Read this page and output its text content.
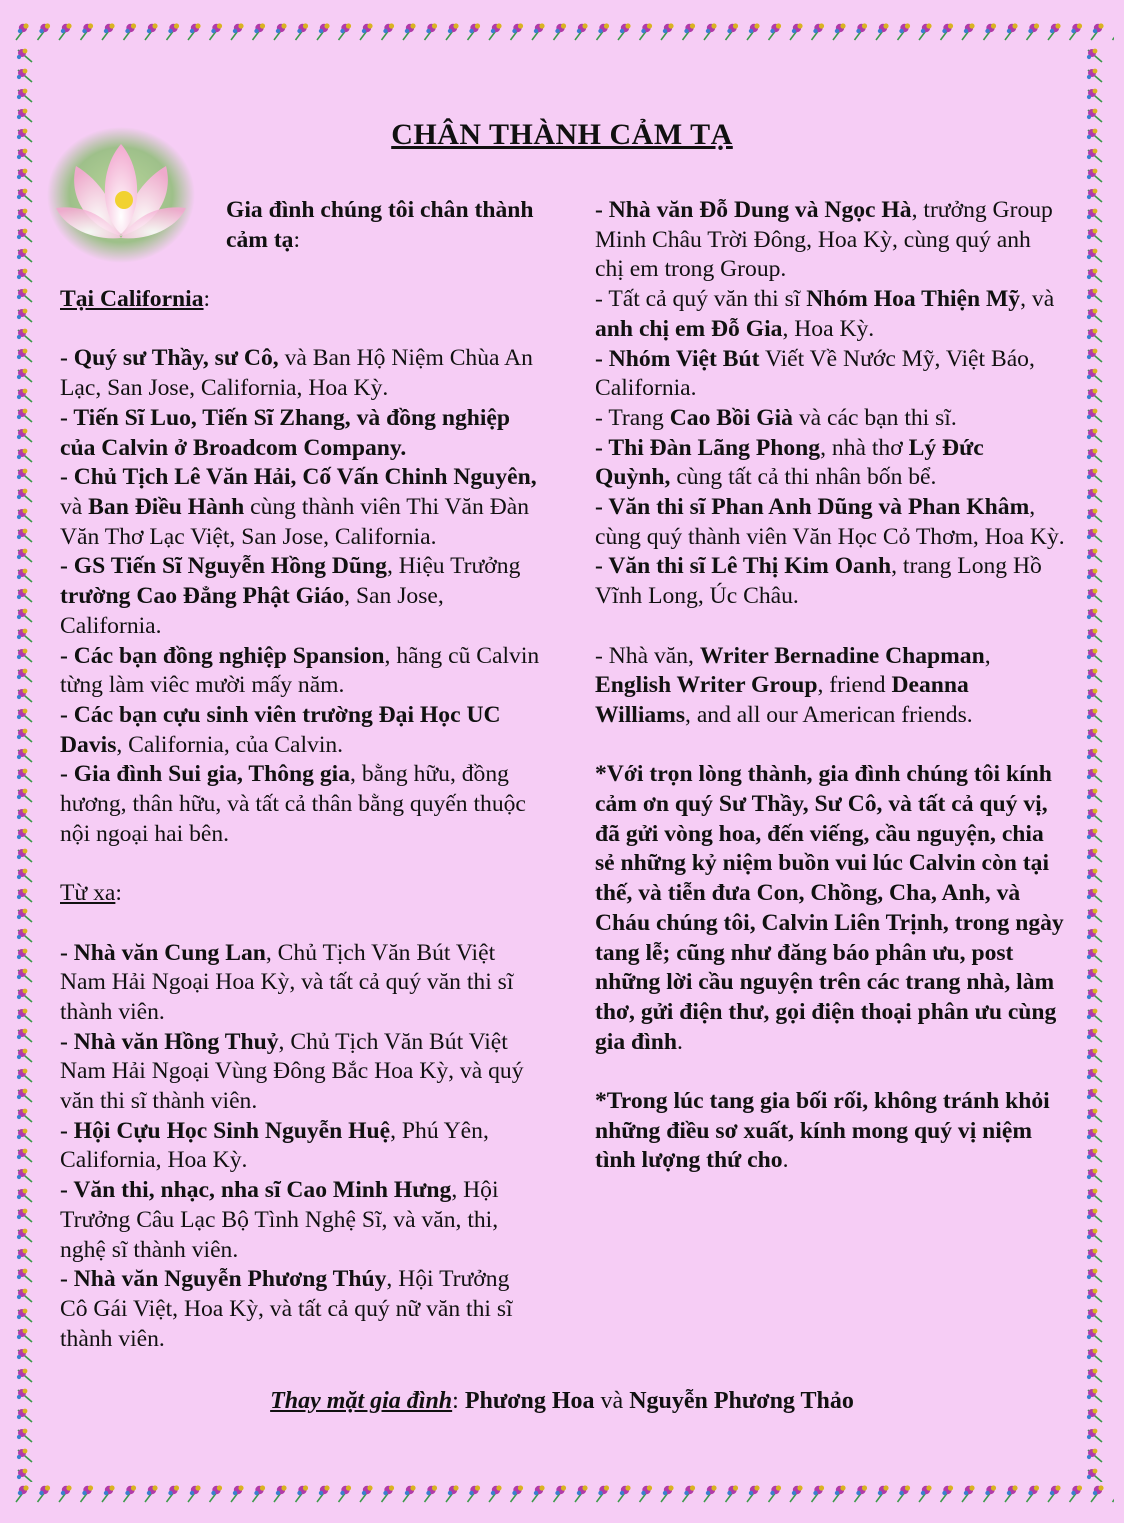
CHÂN THÀNH CẢM TẠ
Gia đình chúng tôi chân thành cảm tạ:

Tại California:

- Quý sư Thầy, sư Cô, và Ban Hộ Niệm Chùa An Lạc, San Jose, California, Hoa Kỳ.

- Tiến Sĩ Luo, Tiến Sĩ Zhang, và đồng nghiệp của Calvin ở Broadcom Company.

- Chủ Tịch Lê Văn Hải, Cố Vấn Chinh Nguyên, và Ban Điều Hành cùng thành viên Thi Văn Đàn Văn Thơ Lạc Việt, San Jose, California.

- GS Tiến Sĩ Nguyễn Hồng Dũng, Hiệu Trưởng trường Cao Đẳng Phật Giáo, San Jose, California.

- Các bạn đồng nghiệp Spansion, hãng cũ Calvin từng làm viêc mười mấy năm.

- Các bạn cựu sinh viên trường Đại Học UC Davis, California, của Calvin.

- Gia đình Sui gia, Thông gia, bằng hữu, đồng hương, thân hữu, và tất cả thân bằng quyến thuộc nội ngoại hai bên.

Từ xa:

- Nhà văn Cung Lan, Chủ Tịch Văn Bút Việt Nam Hải Ngoại Hoa Kỳ, và tất cả quý văn thi sĩ thành viên.

- Nhà văn Hồng Thuỷ, Chủ Tịch Văn Bút Việt Nam Hải Ngoại Vùng Đông Bắc Hoa Kỳ, và quý văn thi sĩ thành viên.

- Hội Cựu Học Sinh Nguyễn Huệ, Phú Yên, California, Hoa Kỳ.

- Văn thi, nhạc, nha sĩ Cao Minh Hưng, Hội Trưởng Câu Lạc Bộ Tình Nghệ Sĩ, và văn, thi, nghệ sĩ thành viên.

- Nhà văn Nguyễn Phương Thúy, Hội Trưởng Cô Gái Việt, Hoa Kỳ, và tất cả quý nữ văn thi sĩ thành viên.

- Nhà văn Đỗ Dung và Ngọc Hà, trưởng Group Minh Châu Trời Đông, Hoa Kỳ, cùng quý anh chị em trong Group.

- Tất cả quý văn thi sĩ Nhóm Hoa Thiện Mỹ, và anh chị em Đỗ Gia, Hoa Kỳ.

- Nhóm Việt Bút Viết Về Nước Mỹ, Việt Báo, California.

- Trang Cao Bồi Già và các bạn thi sĩ.

- Thi Đàn Lãng Phong, nhà thơ Lý Đức Quỳnh, cùng tất cả thi nhân bốn bể.

- Văn thi sĩ Phan Anh Dũng và Phan Khâm, cùng quý thành viên Văn Học Cỏ Thơm, Hoa Kỳ.

- Văn thi sĩ Lê Thị Kim Oanh, trang Long Hồ Vĩnh Long, Úc Châu.

- Nhà văn, Writer Bernadine Chapman, English Writer Group, friend Deanna Williams, and all our American friends.

*Với trọn lòng thành, gia đình chúng tôi kính cảm ơn quý Sư Thầy, Sư Cô, và tất cả quý vị, đã gửi vòng hoa, đến viếng, cầu nguyện, chia sẻ những kỷ niệm buồn vui lúc Calvin còn tại thế, và tiễn đưa Con, Chồng, Cha, Anh, và Cháu chúng tôi, Calvin Liên Trịnh, trong ngày tang lễ; cũng như đăng báo phân ưu, post những lời cầu nguyện trên các trang nhà, làm thơ, gửi điện thư, gọi điện thoại phân ưu cùng gia đình.

*Trong lúc tang gia bối rối, không tránh khỏi những điều sơ xuất, kính mong quý vị niệm tình lượng thứ cho.

Thay mặt gia đình: Phương Hoa và Nguyễn Phương Thảo
